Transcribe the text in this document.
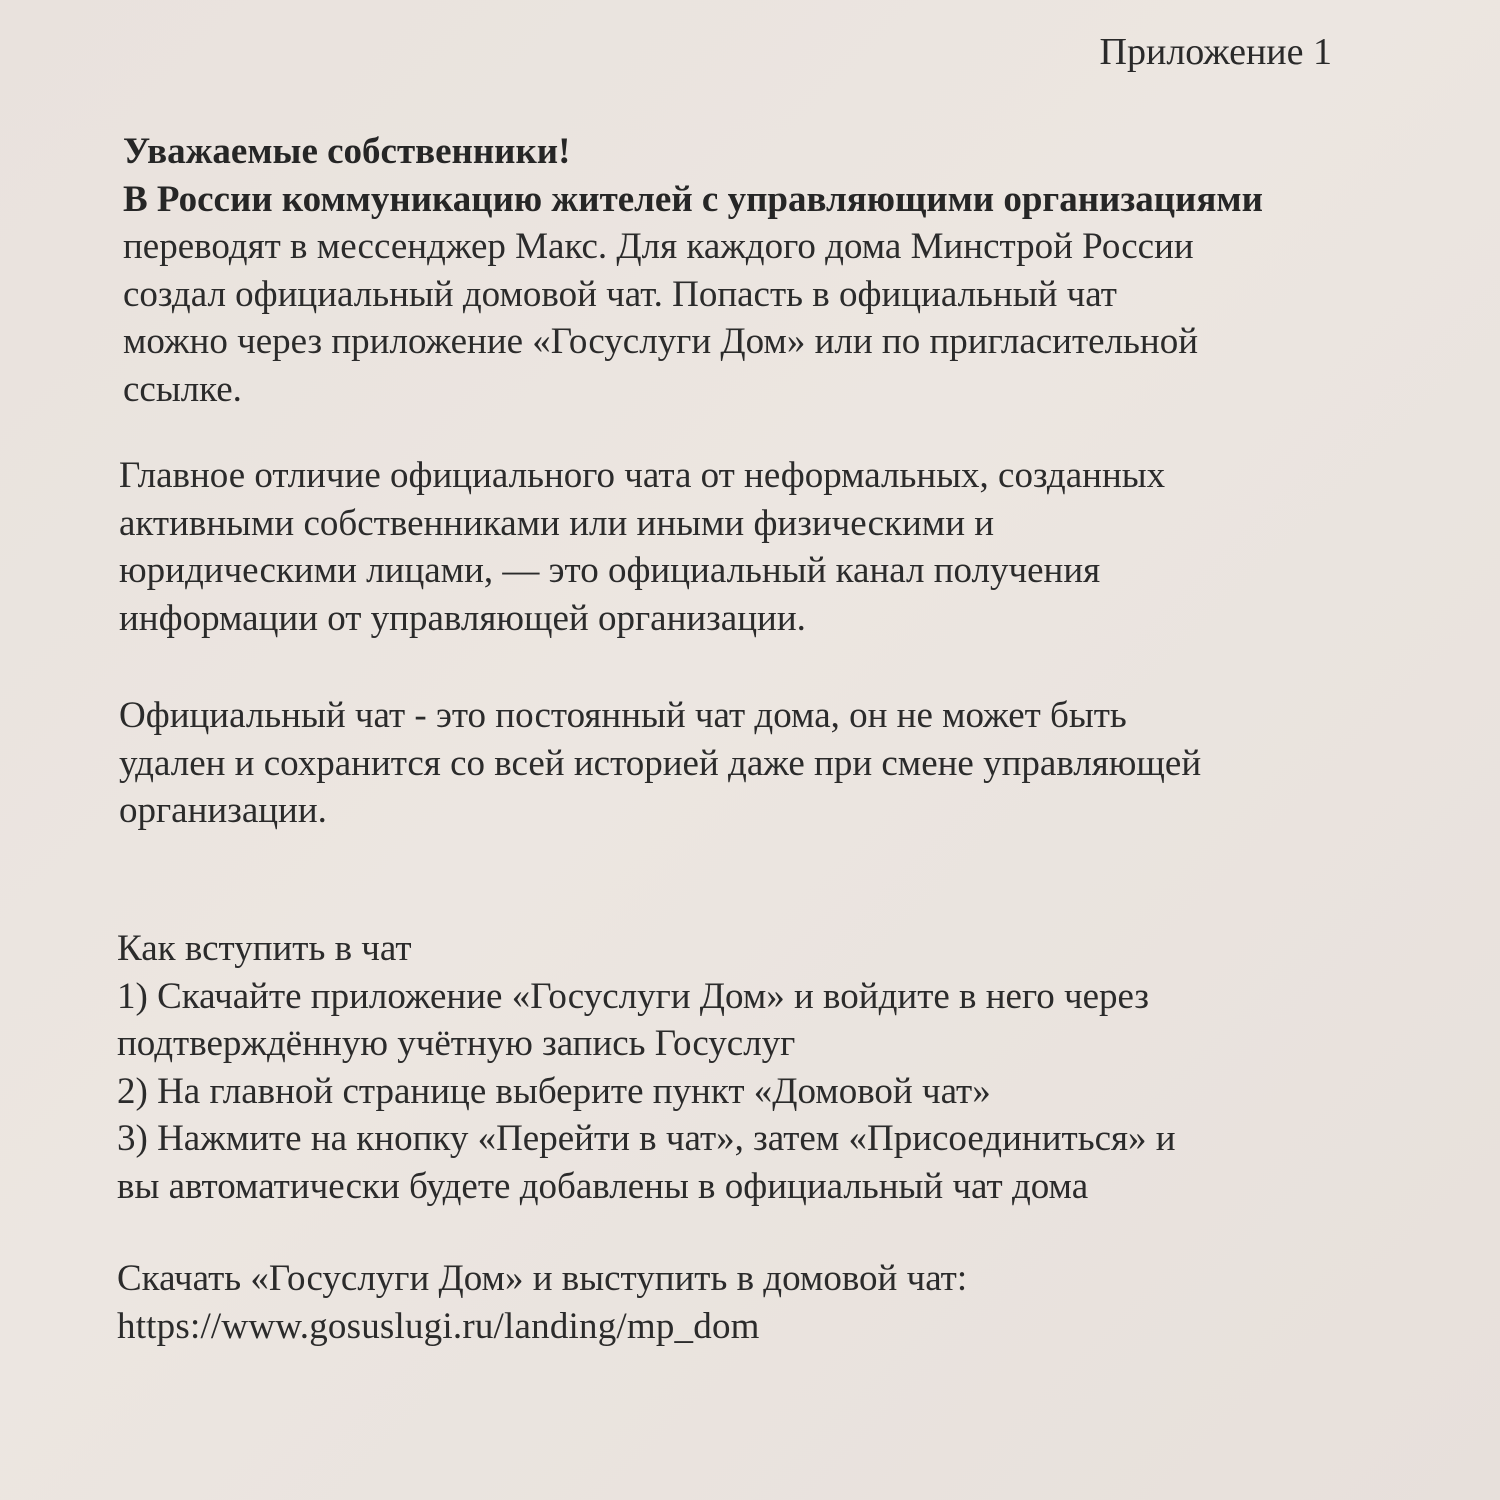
Приложение 1
Уважаемые собственники!
В России коммуникацию жителей с управляющими организациями
переводят в мессенджер Макс. Для каждого дома Минстрой России
создал официальный домовой чат. Попасть в официальный чат
можно через приложение «Госуслуги Дом» или по пригласительной
ссылке.
Главное отличие официального чата от неформальных, созданных
активными собственниками или иными физическими и
юридическими лицами, — это официальный канал получения
информации от управляющей организации.
Официальный чат - это постоянный чат дома, он не может быть
удален и сохранится со всей историей даже при смене управляющей
организации.
Как вступить в чат
1) Скачайте приложение «Госуслуги Дом» и войдите в него через
подтверждённую учётную запись Госуслуг
2) На главной странице выберите пункт «Домовой чат»
3) Нажмите на кнопку «Перейти в чат», затем «Присоединиться» и
вы автоматически будете добавлены в официальный чат дома
Скачать «Госуслуги Дом» и выступить в домовой чат:
https://www.gosuslugi.ru/landing/mp_dom
